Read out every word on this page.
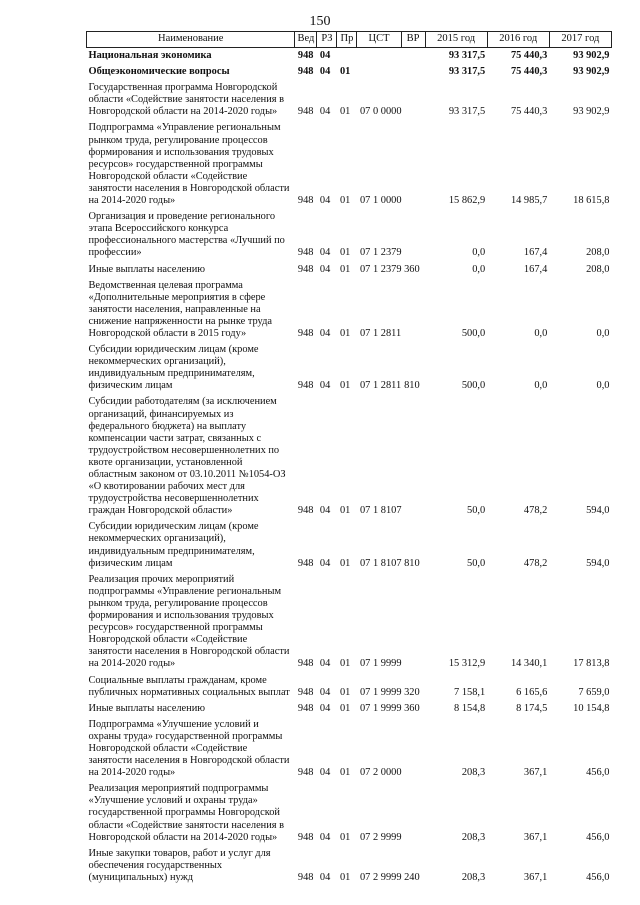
150
Наименование	Вед	РЗ	Пр	ЦСТ	ВР	2015 год	2016 год	2017 год
Национальная экономика	948	04				93 317,5	75 440,3	93 902,9
Общеэкономические вопросы	948	04	01			93 317,5	75 440,3	93 902,9
Государственная программа Новгородской области «Содействие занятости населения в Новгородской области на 2014-2020 годы»	948	04	01	07 0 0000		93 317,5	75 440,3	93 902,9
Подпрограмма «Управление региональным рынком труда, регулирование процессов формирования и использования трудовых ресурсов» государственной программы Новгородской области «Содействие занятости населения в Новгородской области на 2014-2020 годы»	948	04	01	07 1 0000		15 862,9	14 985,7	18 615,8
Организация и проведение регионального этапа Всероссийского конкурса профессионального мастерства «Лучший по профессии»	948	04	01	07 1 2379		0,0	167,4	208,0
Иные выплаты населению	948	04	01	07 1 2379	360	0,0	167,4	208,0
Ведомственная целевая программа «Дополнительные мероприятия в сфере занятости населения, направленные на снижение напряженности на рынке труда Новгородской области в 2015 году»	948	04	01	07 1 2811		500,0	0,0	0,0
Субсидии юридическим лицам (кроме некоммерческих организаций), индивидуальным предпринимателям, физическим лицам	948	04	01	07 1 2811	810	500,0	0,0	0,0
Субсидии работодателям (за исключением организаций, финансируемых из федерального бюджета) на выплату компенсации части затрат, связанных с трудоустройством несовершеннолетних по квоте организации, установленной областным законом от 03.10.2011 №1054-ОЗ «О квотировании рабочих мест для трудоустройства несовершеннолетних граждан Новгородской области»	948	04	01	07 1 8107		50,0	478,2	594,0
Субсидии юридическим лицам (кроме некоммерческих организаций), индивидуальным предпринимателям, физическим лицам	948	04	01	07 1 8107	810	50,0	478,2	594,0
Реализация прочих мероприятий подпрограммы «Управление региональным рынком труда, регулирование процессов формирования и использования трудовых ресурсов» государственной программы Новгородской области «Содействие занятости населения в Новгородской области на 2014-2020 годы»	948	04	01	07 1 9999		15 312,9	14 340,1	17 813,8
Социальные выплаты гражданам, кроме публичных нормативных социальных выплат	948	04	01	07 1 9999	320	7 158,1	6 165,6	7 659,0
Иные выплаты населению	948	04	01	07 1 9999	360	8 154,8	8 174,5	10 154,8
Подпрограмма «Улучшение условий и охраны труда» государственной программы Новгородской области «Содействие занятости населения в Новгородской области на 2014-2020 годы»	948	04	01	07 2 0000		208,3	367,1	456,0
Реализация мероприятий подпрограммы «Улучшение условий и охраны труда» государственной программы Новгородской области «Содействие занятости населения в Новгородской области на 2014-2020 годы»	948	04	01	07 2 9999		208,3	367,1	456,0
Иные закупки товаров, работ и услуг для обеспечения государственных (муниципальных) нужд	948	04	01	07 2 9999	240	208,3	367,1	456,0
